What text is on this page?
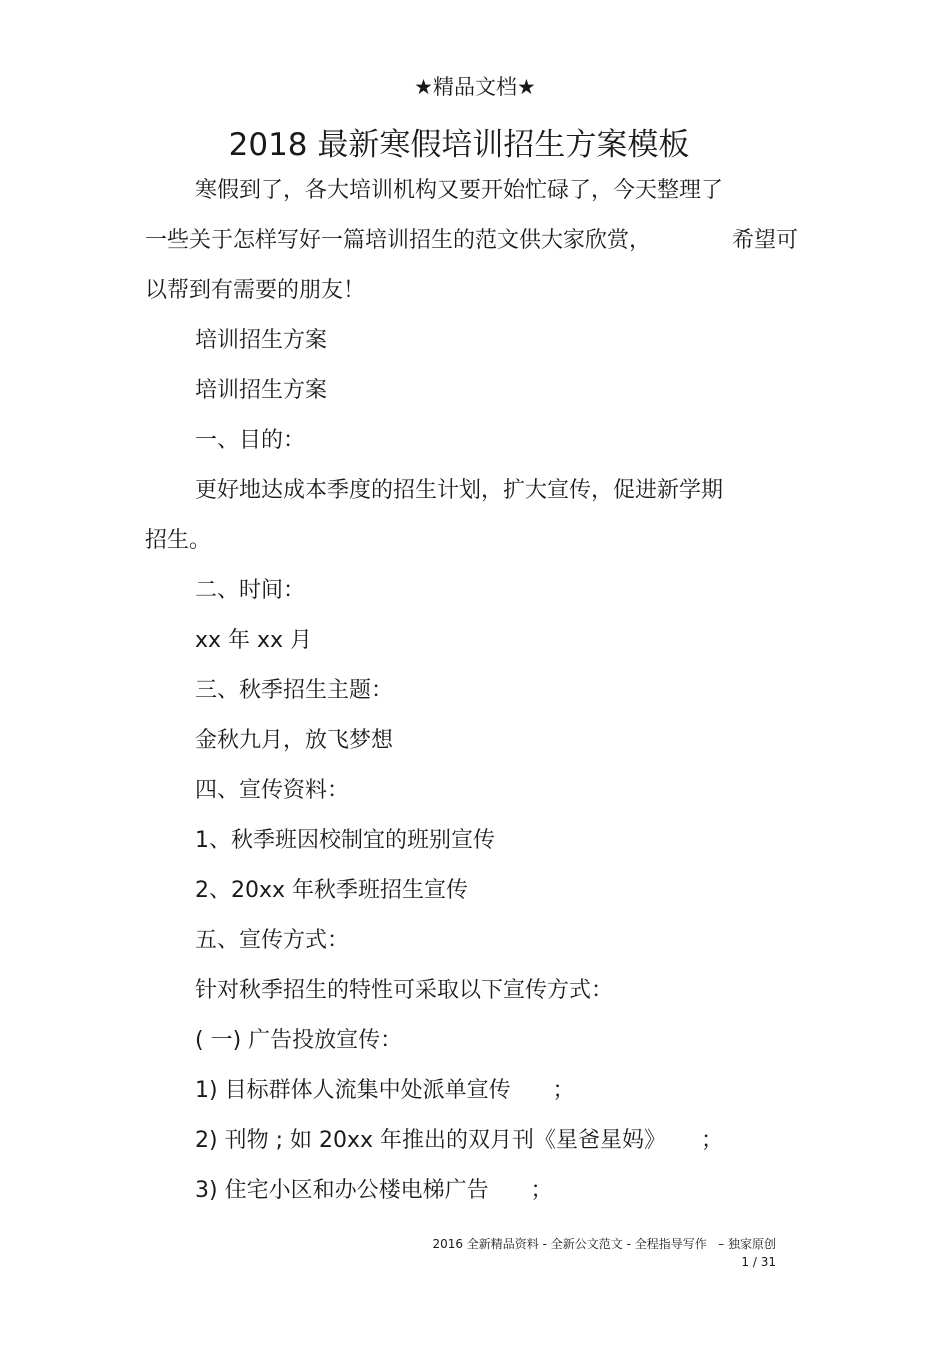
★精品文档★
2018 最新寒假培训招生方案模板
寒假到了，各大培训机构又要开始忙碌了，今天整理了
一些关于怎样写好一篇培训招生的范文供大家欣赏，	希望可
以帮到有需要的朋友！
培训招生方案
培训招生方案
一、目的：
更好地达成本季度的招生计划，扩大宣传，促进新学期
招生。
二、时间：
xx 年 xx 月
三、秋季招生主题：
金秋九月，放飞梦想
四、宣传资料：
1、秋季班因校制宜的班别宣传
2、20xx 年秋季班招生宣传
五、宣传方式：
针对秋季招生的特性可采取以下宣传方式：
( 一) 广告投放宣传：
1) 目标群体人流集中处派单宣传      ；
2) 刊物 ; 如 20xx 年推出的双月刊《星爸星妈》     ；
3) 住宅小区和办公楼电梯广告      ；
2016 全新精品资料 - 全新公文范文 - 全程指导写作   – 独家原创
1 / 31
